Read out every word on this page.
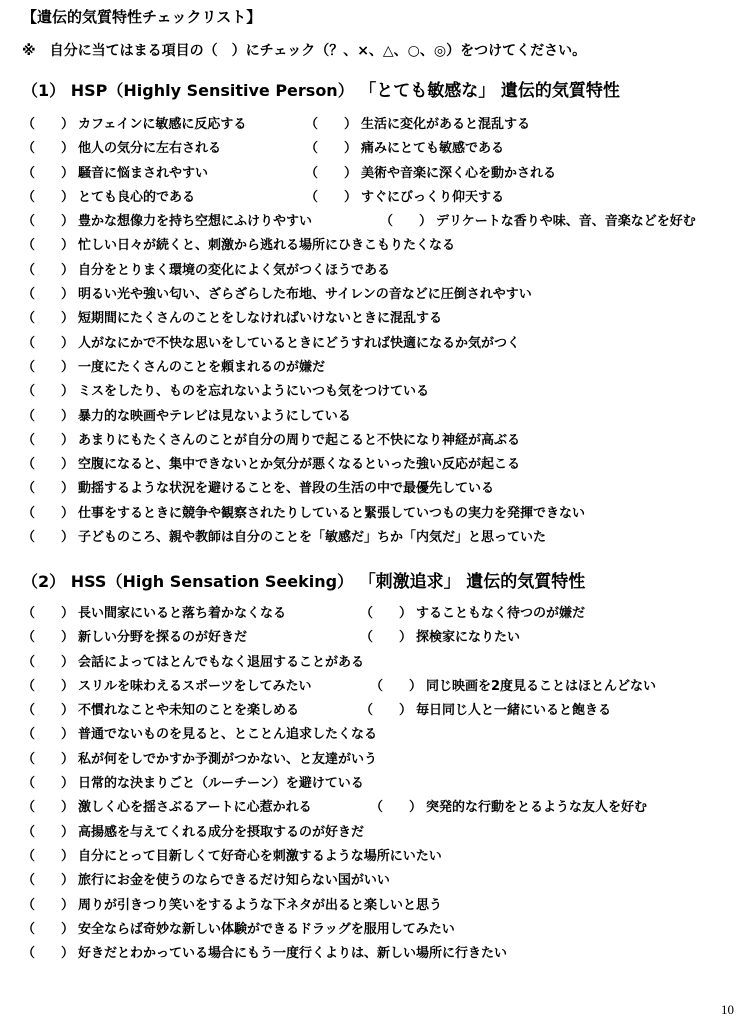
【遺伝的気質特性チェックリスト】
※　自分に当てはまる項目の（　）にチェック（？、×、△、○、◎）をつけてください。
（1） HSP（Highly Sensitive Person） 「とても敏感な」 遺伝的気質特性
（　　） カフェインに敏感に反応する	（　　） 生活に変化があると混乱する
（　　） 他人の気分に左右される	（　　） 痛みにとても敏感である
（　　） 騒音に悩まされやすい	（　　） 美術や音楽に深く心を動かされる
（　　） とても良心的である	（　　） すぐにびっくり仰天する
（　　） 豊かな想像力を持ち空想にふけりやすい	（　　） デリケートな香りや味、音、音楽などを好む
（　　） 忙しい日々が続くと、刺激から逃れる場所にひきこもりたくなる
（　　） 自分をとりまく環境の変化によく気がつくほうである
（　　） 明るい光や強い匂い、ざらざらした布地、サイレンの音などに圧倒されやすい
（　　） 短期間にたくさんのことをしなければいけないときに混乱する
（　　） 人がなにかで不快な思いをしているときにどうすれば快適になるか気がつく
（　　） 一度にたくさんのことを頼まれるのが嫌だ
（　　） ミスをしたり、ものを忘れないようにいつも気をつけている
（　　） 暴力的な映画やテレビは見ないようにしている
（　　） あまりにもたくさんのことが自分の周りで起こると不快になり神経が高ぶる
（　　） 空腹になると、集中できないとか気分が悪くなるといった強い反応が起こる
（　　） 動揺するような状況を避けることを、普段の生活の中で最優先している
（　　） 仕事をするときに競争や観察されたりしていると緊張していつもの実力を発揮できない
（　　） 子どものころ、親や教師は自分のことを「敏感だ」ちか「内気だ」と思っていた
（2） HSS（High Sensation Seeking） 「刺激追求」 遺伝的気質特性
（　　） 長い間家にいると落ち着かなくなる	（　　） することもなく待つのが嫌だ
（　　） 新しい分野を探るのが好きだ	（　　） 探検家になりたい
（　　） 会話によってはとんでもなく退屈することがある
（　　） スリルを味わえるスポーツをしてみたい	（　　） 同じ映画を2度見ることはほとんどない
（　　） 不慣れなことや未知のことを楽しめる	（　　） 毎日同じ人と一緒にいると飽きる
（　　） 普通でないものを見ると、とことん追求したくなる
（　　） 私が何をしでかすか予測がつかない、と友達がいう
（　　） 日常的な決まりごと（ルーチーン）を避けている
（　　） 激しく心を揺さぶるアートに心惹かれる	（　　） 突発的な行動をとるような友人を好む
（　　） 高揚感を与えてくれる成分を摂取するのが好きだ
（　　） 自分にとって目新しくて好奇心を刺激するような場所にいたい
（　　） 旅行にお金を使うのならできるだけ知らない国がいい
（　　） 周りが引きつり笑いをするような下ネタが出ると楽しいと思う
（　　） 安全ならば奇妙な新しい体験ができるドラッグを服用してみたい
（　　） 好きだとわかっている場合にもう一度行くよりは、新しい場所に行きたい
10
